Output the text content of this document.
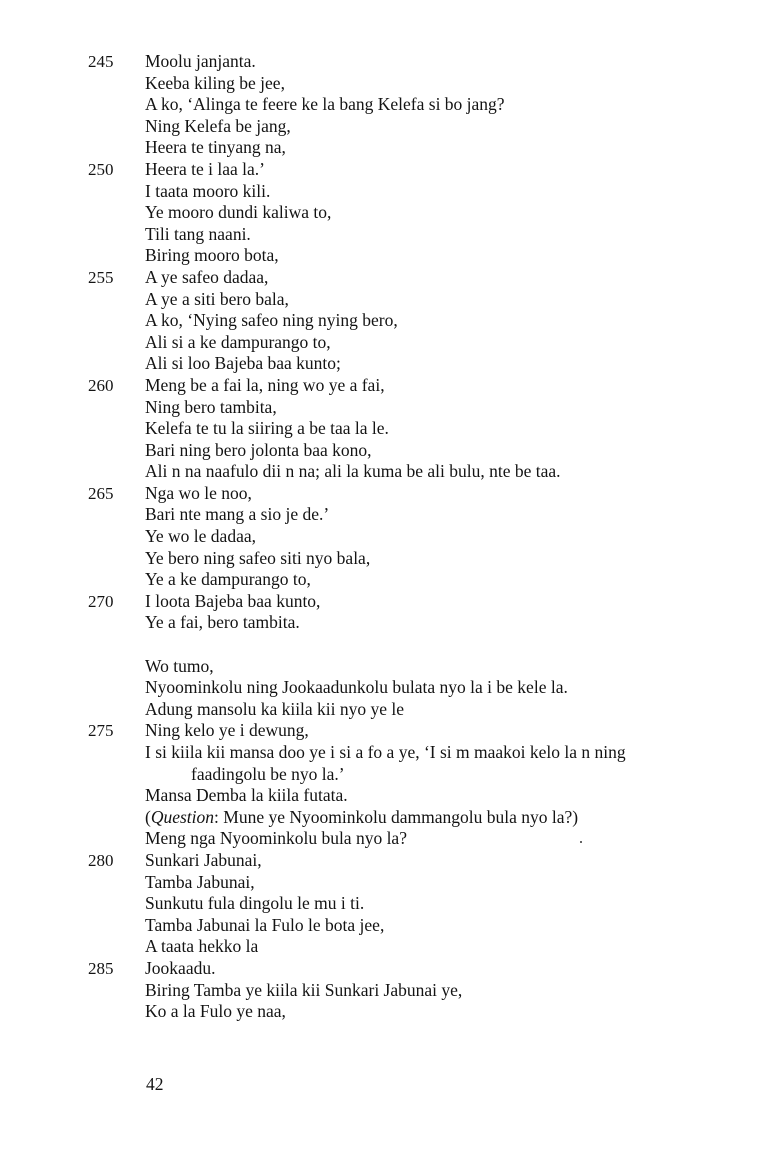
245	Moolu janjanta.
Keeba kiling be jee,
A ko, ‘Alinga te feere ke la bang Kelefa si bo jang?
Ning Kelefa be jang,
Heera te tinyang na,
250	Heera te i laa la.’
I taata mooro kili.
Ye mooro dundi kaliwa to,
Tili tang naani.
Biring mooro bota,
255	A ye safeo dadaa,
A ye a siti bero bala,
A ko, ‘Nying safeo ning nying bero,
Ali si a ke dampurango to,
Ali si loo Bajeba baa kunto;
260	Meng be a fai la, ning wo ye a fai,
Ning bero tambita,
Kelefa te tu la siiring a be taa la le.
Bari ning bero jolonta baa kono,
Ali n na naafulo dii n na; ali la kuma be ali bulu, nte be taa.
265	Nga wo le noo,
Bari nte mang a sio je de.’
Ye wo le dadaa,
Ye bero ning safeo siti nyo bala,
Ye a ke dampurango to,
270	I loota Bajeba baa kunto,
Ye a fai, bero tambita.
Wo tumo,
Nyoominkolu ning Jookaadunkolu bulata nyo la i be kele la.
Adung mansolu ka kiila kii nyo ye le
275	Ning kelo ye i dewung,
I si kiila kii mansa doo ye i si a fo a ye, ‘I si m maakoi kelo la n ning
faadingolu be nyo la.’
Mansa Demba la kiila futata.
(Question: Mune ye Nyoominkolu dammangolu bula nyo la?)
Meng nga Nyoominkolu bula nyo la?
280	Sunkari Jabunai,
Tamba Jabunai,
Sunkutu fula dingolu le mu i ti.
Tamba Jabunai la Fulo le bota jee,
A taata hekko la
285	Jookaadu.
Biring Tamba ye kiila kii Sunkari Jabunai ye,
Ko a la Fulo ye naa,
42
